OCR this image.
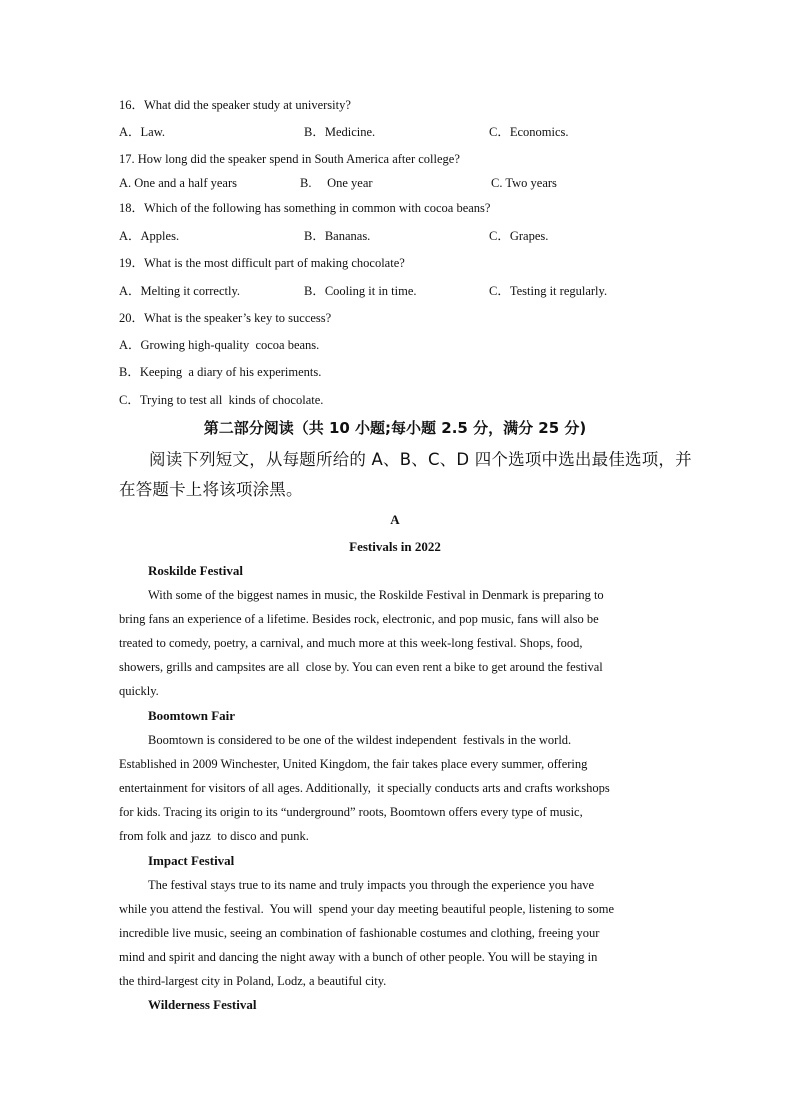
16．What did the speaker study at university?
A．Law.	B．Medicine.	C．Economics.
17. How long did the speaker spend in South America after college?
A. One and a half years	B.     One year	C. Two years
18．Which of the following has something in common with cocoa beans?
A．Apples.	B．Bananas.	C．Grapes.
19．What is the most difficult part of making chocolate?
A．Melting it correctly.	B．Cooling it in time.	C．Testing it regularly.
20．What is the speaker’s key to success?
A．Growing high-quality  cocoa beans.
B．Keeping  a diary of his experiments.
C．Trying to test all  kinds of chocolate.
第二部分阅读（共 10 小题;每小题 2.5 分，满分 25 分)
阅读下列短文，从每题所给的 A、B、C、D 四个选项中选出最佳选项，并
在答题卡上将该项涂黑。
A
Festivals in 2022
Roskilde Festival
With some of the biggest names in music, the Roskilde Festival in Denmark is preparing to
bring fans an experience of a lifetime. Besides rock, electronic, and pop music, fans will also be
treated to comedy, poetry, a carnival, and much more at this week-long festival. Shops, food,
showers, grills and campsites are all  close by. You can even rent a bike to get around the festival
quickly.
Boomtown Fair
Boomtown is considered to be one of the wildest independent  festivals in the world.
Established in 2009 Winchester, United Kingdom, the fair takes place every summer, offering
entertainment for visitors of all ages. Additionally,  it specially conducts arts and crafts workshops
for kids. Tracing its origin to its “underground” roots, Boomtown offers every type of music,
from folk and jazz  to disco and punk.
Impact Festival
The festival stays true to its name and truly impacts you through the experience you have
while you attend the festival.  You will  spend your day meeting beautiful people, listening to some
incredible live music, seeing an combination of fashionable costumes and clothing, freeing your
mind and spirit and dancing the night away with a bunch of other people. You will be staying in
the third-largest city in Poland, Lodz, a beautiful city.
Wilderness Festival
